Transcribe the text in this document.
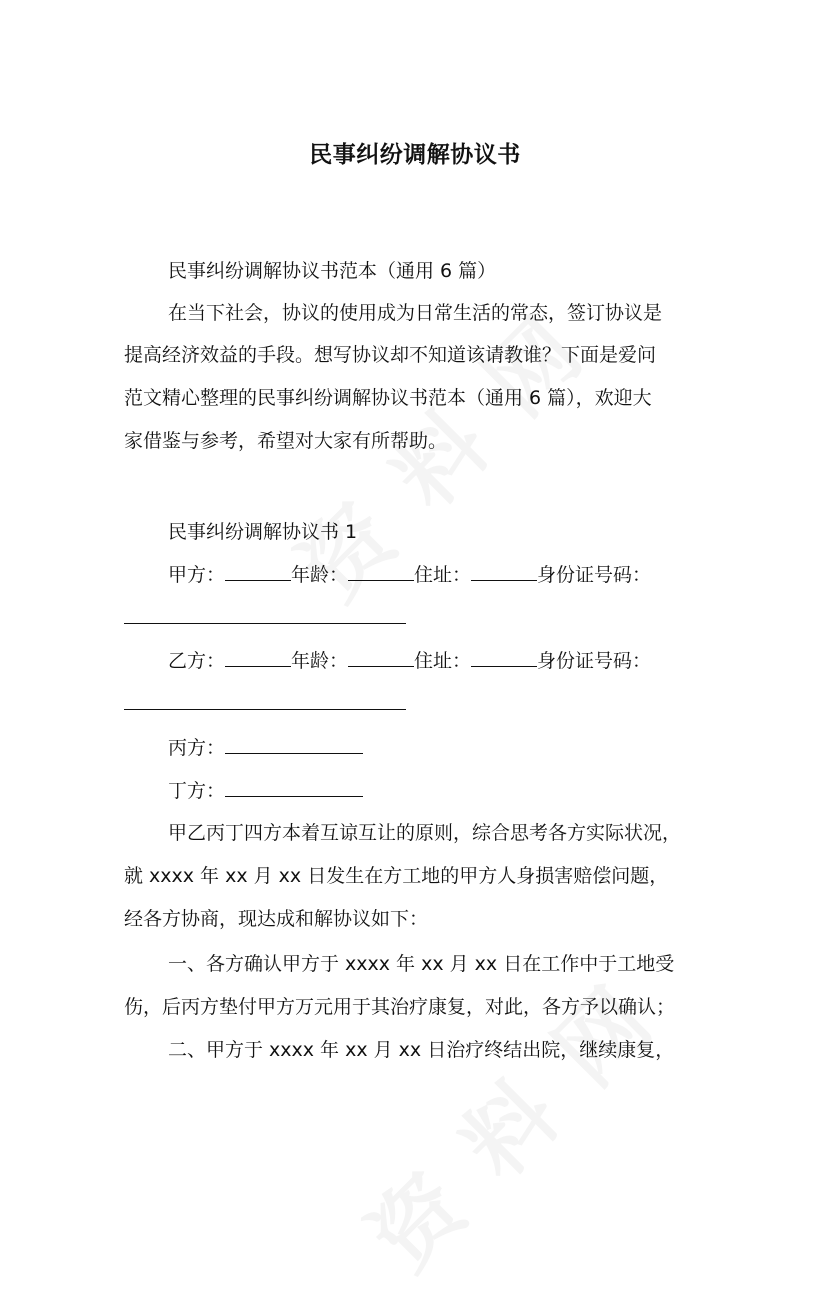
民事纠纷调解协议书
民事纠纷调解协议书范本（通用 6 篇）
在当下社会，协议的使用成为日常生活的常态，签订协议是
提高经济效益的手段。想写协议却不知道该请教谁？下面是爱问
范文精心整理的民事纠纷调解协议书范本（通用 6 篇），欢迎大
家借鉴与参考，希望对大家有所帮助。
民事纠纷调解协议书 1
甲方：	年龄：	住址：	身份证号码：
乙方：	年龄：	住址：	身份证号码：
丙方：
丁方：
甲乙丙丁四方本着互谅互让的原则，综合思考各方实际状况，
就 xxxx 年 xx 月 xx 日发生在方工地的甲方人身损害赔偿问题，
经各方协商，现达成和解协议如下：
一、各方确认甲方于 xxxx 年 xx 月 xx 日在工作中于工地受
伤，后丙方垫付甲方万元用于其治疗康复，对此，各方予以确认；
二、甲方于 xxxx 年 xx 月 xx 日治疗终结出院，继续康复，
